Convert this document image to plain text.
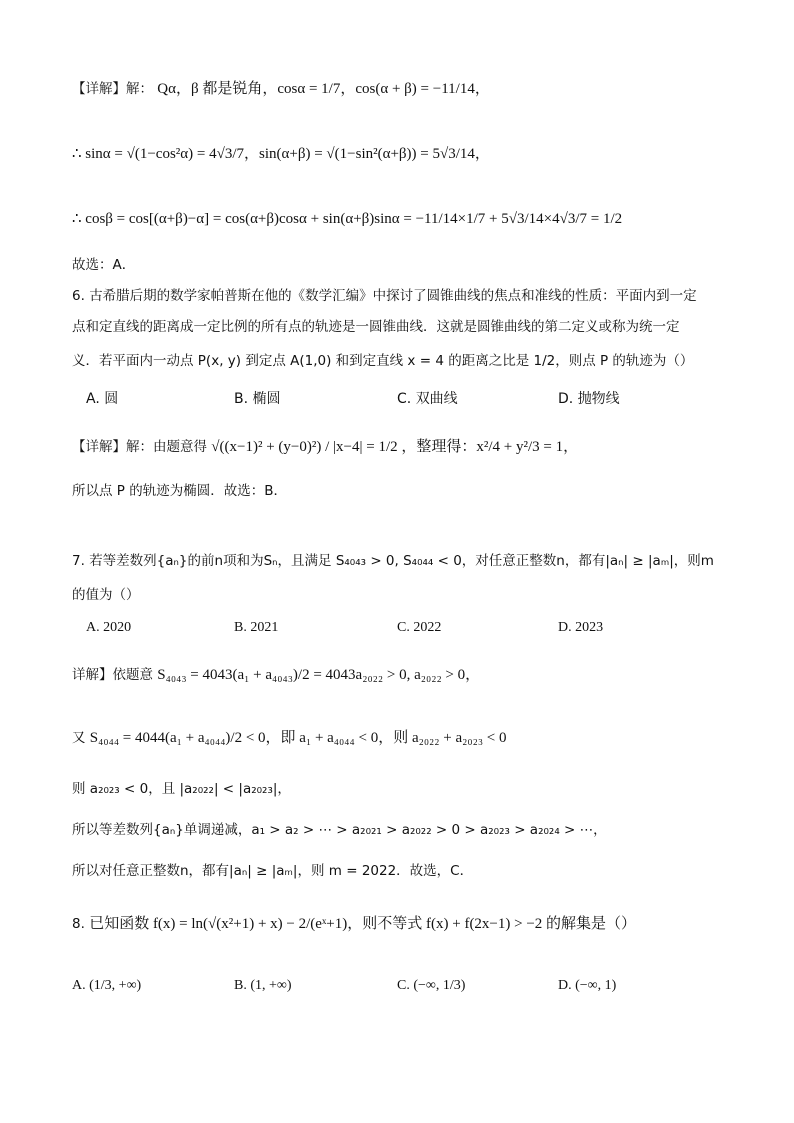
【详解】解： Qα，β 都是锐角，cosα = 1/7，cos(α + β) = −11/14，
∴ sinα = √(1−cos²α) = 4√3/7，sin(α+β) = √(1−sin²(α+β)) = 5√3/14，
∴ cosβ = cos[(α+β)−α] = cos(α+β)cosα + sin(α+β)sinα = −11/14×1/7 + 5√3/14×4√3/7 = 1/2
故选：A．
6. 古希腊后期的数学家帕普斯在他的《数学汇编》中探讨了圆锥曲线的焦点和准线的性质：平面内到一定
点和定直线的距离成一定比例的所有点的轨迹是一圆锥曲线．这就是圆锥曲线的第二定义或称为统一定
义．若平面内一动点 P(x, y) 到定点 A(1,0) 和到定直线 x = 4 的距离之比是 1/2，则点 P 的轨迹为（）
A. 圆	B. 椭圆	C. 双曲线	D. 抛物线
【详解】解：由题意得 √((x−1)² + (y−0)²) / |x−4| = 1/2 ，整理得：x²/4 + y²/3 = 1，
所以点 P 的轨迹为椭圆．故选：B．
7. 若等差数列{aₙ}的前n项和为Sₙ，且满足 S₄₀₄₃ > 0, S₄₀₄₄ < 0，对任意正整数n，都有|aₙ| ≥ |aₘ|，则m
的值为（）
A. 2020	B. 2021	C. 2022	D. 2023
详解】依题意 S₄₀₄₃ = 4043(a₁ + a₄₀₄₃)/2 = 4043a₂₀₂₂ > 0, a₂₀₂₂ > 0，
又 S₄₀₄₄ = 4044(a₁ + a₄₀₄₄)/2 < 0，即 a₁ + a₄₀₄₄ < 0，则 a₂₀₂₂ + a₂₀₂₃ < 0
则 a₂₀₂₃ < 0，且 |a₂₀₂₂| < |a₂₀₂₃|，
所以等差数列{aₙ}单调递减，a₁ > a₂ > ⋯ > a₂₀₂₁ > a₂₀₂₂ > 0 > a₂₀₂₃ > a₂₀₂₄ > ⋯，
所以对任意正整数n，都有|aₙ| ≥ |aₘ|，则 m = 2022．故选，C．
8. 已知函数 f(x) = ln(√(x²+1) + x) − 2/(eˣ+1)，则不等式 f(x) + f(2x−1) > −2 的解集是（）
A. (1/3, +∞)	B. (1, +∞)	C. (−∞, 1/3)	D. (−∞, 1)
